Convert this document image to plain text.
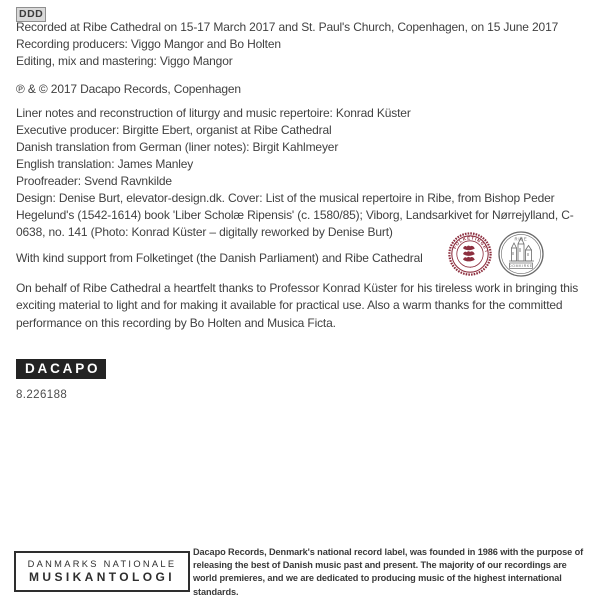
DDD
Recorded at Ribe Cathedral on 15-17 March 2017 and St. Paul's Church, Copenhagen, on 15 June 2017
Recording producers: Viggo Mangor and Bo Holten
Editing, mix and mastering: Viggo Mangor
℗ & © 2017 Dacapo Records, Copenhagen
Liner notes and reconstruction of liturgy and music repertoire: Konrad Küster
Executive producer: Birgitte Ebert, organist at Ribe Cathedral
Danish translation from German (liner notes): Birgit Kahlmeyer
English translation: James Manley
Proofreader: Svend Ravnkilde

Design: Denise Burt, elevator-design.dk. Cover: List of the musical repertoire in Ribe, from Bishop Peder Hegelund's (1542-1614) book 'Liber Scholæ Ripensis' (c. 1580/85); Viborg, Landsarkivet for Nørrejylland, C-0638, no. 141 (Photo: Konrad Küster – digitally reworked by Denise Burt)

With kind support from Folketinget (the Danish Parliament) and Ribe Cathedral
FOLKETINGET
· · · ·
RIBE
DOMKIRKE

On behalf of Ribe Cathedral a heartfelt thanks to Professor Konrad Küster for his tireless work in bringing this exciting material to light and for making it available for practical use. Also a warm thanks for the committed performance on this recording by Bo Holten and Musica Ficta.

DACAPO
8.226188
DANMARKS NATIONALE
MUSIKANTOLOGI

Dacapo Records, Denmark's national record label, was founded in 1986 with the purpose of releasing the best of Danish music past and present. The majority of our recordings are world premieres, and we are dedicated to producing music of the highest international standards.
